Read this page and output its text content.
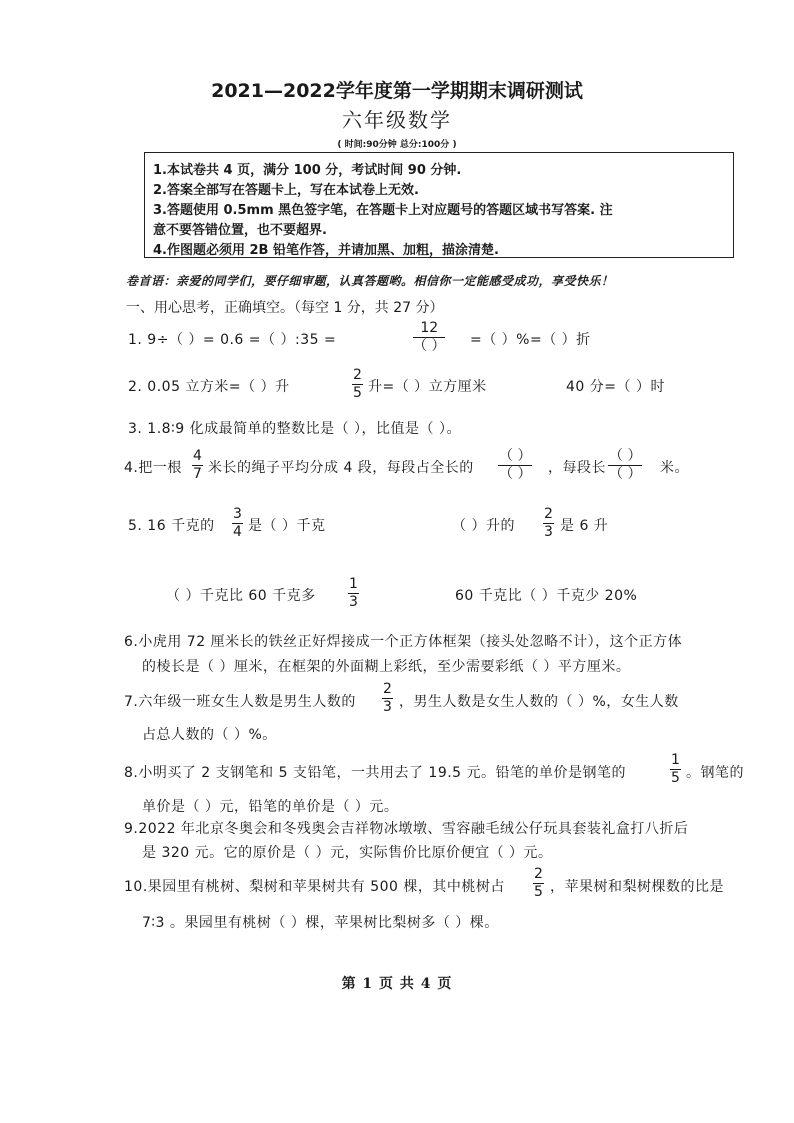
2021—2022学年度第一学期期末调研测试
六年级数学
( 时间:90分钟 总分:100分 )
1.本试卷共 4 页，满分 100 分，考试时间 90 分钟.
2.答案全部写在答题卡上，写在本试卷上无效.
3.答题使用 0.5mm 黑色签字笔，在答题卡上对应题号的答题区域书写答案. 注
意不要答错位置，也不要超界.
4.作图题必须用 2B 铅笔作答，并请加黑、加粗，描涂清楚.
卷首语：亲爱的同学们，要仔细审题，认真答题哟。相信你一定能感受成功，享受快乐！
一、用心思考，正确填空。（每空 1 分，共 27 分）
1. 9÷（ ）= 0.6 =（ ）:35 =
12
（ ） =（ ）%=（ ）折
2. 0.05 立方米=（ ）升	$\frac{2}{5}$ 升=（ ）立方厘米	40 分=（ ）时
3. 1.8∶9 化成最简单的整数比是（ ），比值是（ ）。
4.把一根 $\frac{4}{7}$ 米长的绳子平均分成 4 段，每段占全长的
（ ）
（ ） ，每段长
（ ）
（ ） 米。
5. 16 千克的 $\frac{3}{4}$ 是（ ）千克	（ ）升的 $\frac{2}{3}$ 是 6 升
（ ）千克比 60 千克多 $\frac{1}{3}$	60 千克比（ ）千克少 20%
6.小虎用 72 厘米长的铁丝正好焊接成一个正方体框架（接头处忽略不计），这个正方体
的棱长是（ ）厘米，在框架的外面糊上彩纸，至少需要彩纸（ ）平方厘米。
7.六年级一班女生人数是男生人数的 $\frac{2}{3}$ ，男生人数是女生人数的（ ）%，女生人数
占总人数的（ ）%。
8.小明买了 2 支钢笔和 5 支铅笔，一共用去了 19.5 元。铅笔的单价是钢笔的	$\frac{1}{5}$ 。钢笔的
单价是（ ）元，铅笔的单价是（ ）元。
9.2022 年北京冬奥会和冬残奥会吉祥物冰墩墩、雪容融毛绒公仔玩具套装礼盒打八折后
是 320 元。它的原价是（ ）元，实际售价比原价便宜（ ）元。
10.果园里有桃树、梨树和苹果树共有 500 棵，其中桃树占 $\frac{2}{5}$ ，苹果树和梨树棵数的比是
7∶3 。果园里有桃树（ ）棵，苹果树比梨树多（ ）棵。
第 1 页 共 4 页
